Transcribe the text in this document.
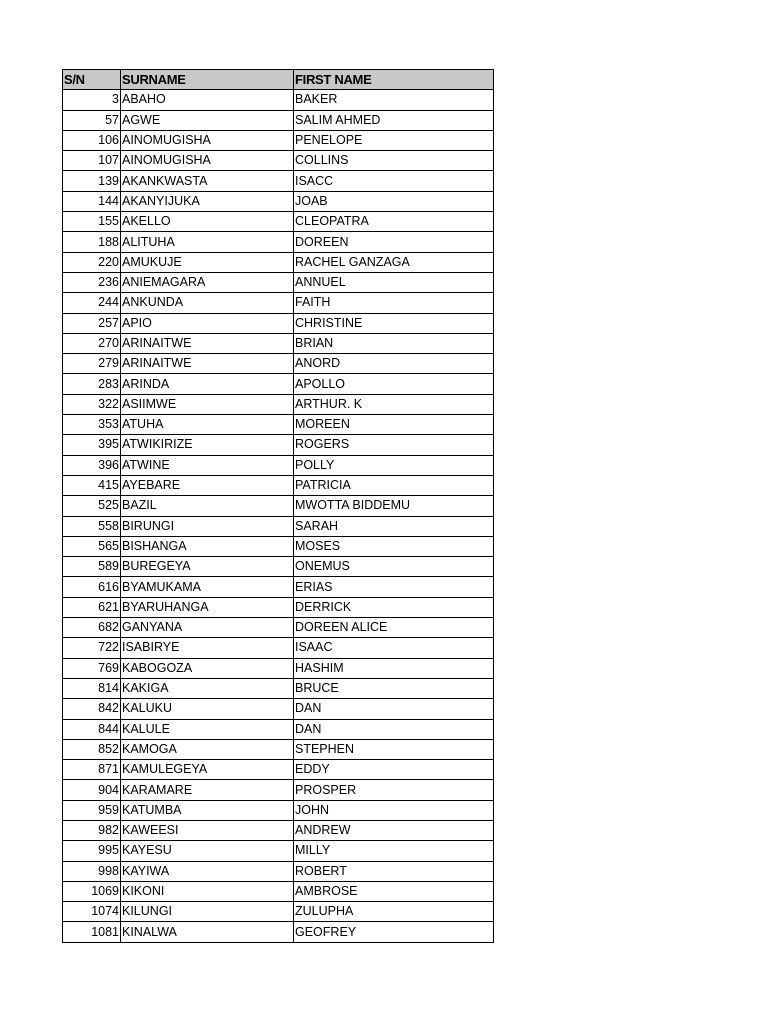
S/N	SURNAME	FIRST NAME
3	ABAHO	BAKER
57	AGWE	SALIM AHMED
106	AINOMUGISHA	PENELOPE
107	AINOMUGISHA	COLLINS
139	AKANKWASTA	ISACC
144	AKANYIJUKA	JOAB
155	AKELLO	CLEOPATRA
188	ALITUHA	DOREEN
220	AMUKUJE	RACHEL GANZAGA
236	ANIEMAGARA	ANNUEL
244	ANKUNDA	FAITH
257	APIO	CHRISTINE
270	ARINAITWE	BRIAN
279	ARINAITWE	ANORD
283	ARINDA	APOLLO
322	ASIIMWE	ARTHUR. K
353	ATUHA	MOREEN
395	ATWIKIRIZE	ROGERS
396	ATWINE	POLLY
415	AYEBARE	PATRICIA
525	BAZIL	MWOTTA BIDDEMU
558	BIRUNGI	SARAH
565	BISHANGA	MOSES
589	BUREGEYA	ONEMUS
616	BYAMUKAMA	ERIAS
621	BYARUHANGA	DERRICK
682	GANYANA	DOREEN ALICE
722	ISABIRYE	ISAAC
769	KABOGOZA	HASHIM
814	KAKIGA	BRUCE
842	KALUKU	DAN
844	KALULE	DAN
852	KAMOGA	STEPHEN
871	KAMULEGEYA	EDDY
904	KARAMARE	PROSPER
959	KATUMBA	JOHN
982	KAWEESI	ANDREW
995	KAYESU	MILLY
998	KAYIWA	ROBERT
1069	KIKONI	AMBROSE
1074	KILUNGI	ZULUPHA
1081	KINALWA	GEOFREY
